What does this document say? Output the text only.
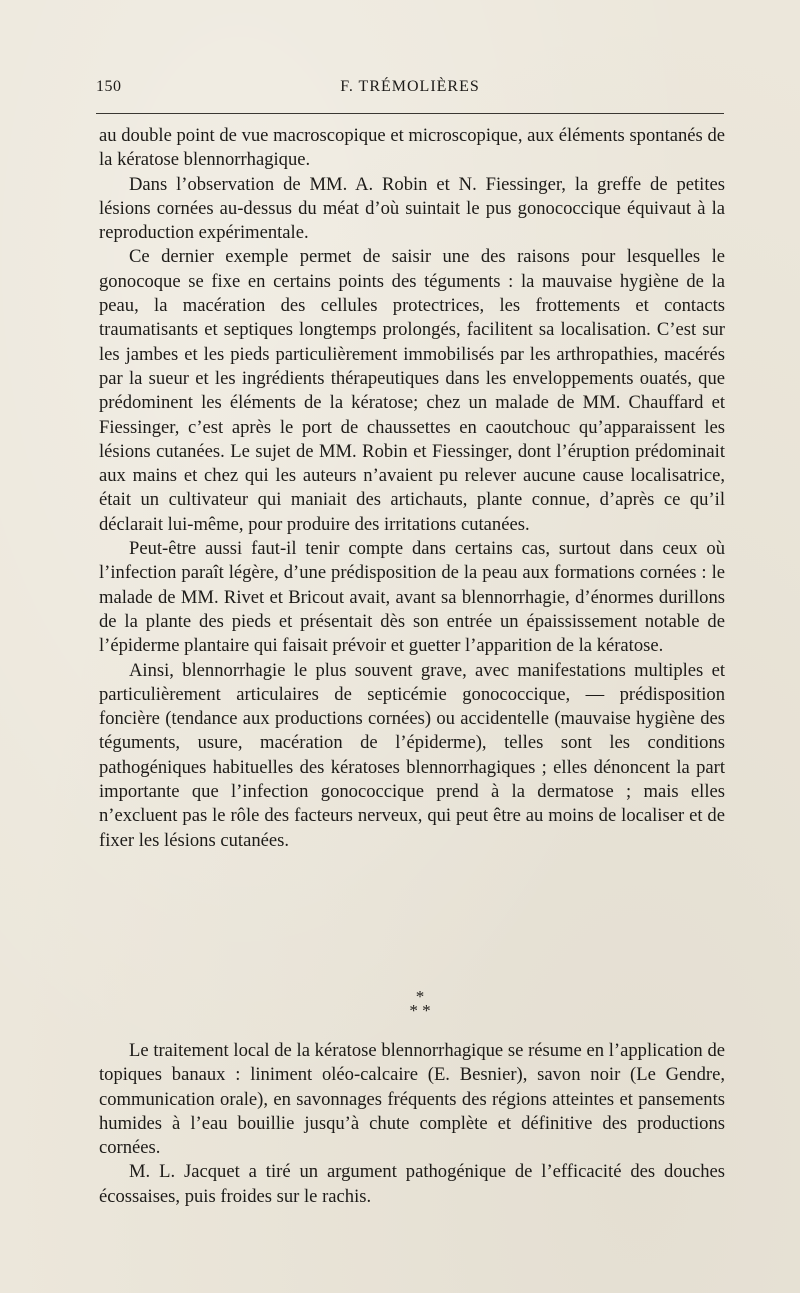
150	F. TRÉMOLIÈRES

au double point de vue macroscopique et microscopique, aux éléments spontanés de la kératose blennorrhagique.

Dans l’observation de MM. A. Robin et N. Fiessinger, la greffe de petites lésions cornées au-dessus du méat d’où suintait le pus gonococcique équivaut à la reproduction expérimentale.

Ce dernier exemple permet de saisir une des raisons pour lesquelles le gonocoque se fixe en certains points des téguments : la mauvaise hygiène de la peau, la macération des cellules protectrices, les frottements et contacts traumatisants et septiques longtemps prolongés, facilitent sa localisation. C’est sur les jambes et les pieds particulièrement immobilisés par les arthropathies, macérés par la sueur et les ingrédients thérapeutiques dans les enveloppements ouatés, que prédominent les éléments de la kératose; chez un malade de MM. Chauffard et Fiessinger, c’est après le port de chaussettes en caoutchouc qu’apparaissent les lésions cutanées. Le sujet de MM. Robin et Fiessinger, dont l’éruption prédominait aux mains et chez qui les auteurs n’avaient pu relever aucune cause localisatrice, était un cultivateur qui maniait des artichauts, plante connue, d’après ce qu’il déclarait lui-même, pour produire des irritations cutanées.

Peut-être aussi faut-il tenir compte dans certains cas, surtout dans ceux où l’infection paraît légère, d’une prédisposition de la peau aux formations cornées : le malade de MM. Rivet et Bricout avait, avant sa blennorrhagie, d’énormes durillons de la plante des pieds et présentait dès son entrée un épaississement notable de l’épiderme plantaire qui faisait prévoir et guetter l’apparition de la kératose.

Ainsi, blennorrhagie le plus souvent grave, avec manifestations multiples et particulièrement articulaires de septicémie gonococcique, — prédisposition foncière (tendance aux productions cornées) ou accidentelle (mauvaise hygiène des téguments, usure, macération de l’épiderme), telles sont les conditions pathogéniques habituelles des kératoses blennorrhagiques ; elles dénoncent la part importante que l’infection gonococcique prend à la dermatose ; mais elles n’excluent pas le rôle des facteurs nerveux, qui peut être au moins de localiser et de fixer les lésions cutanées.

*
* *

Le traitement local de la kératose blennorrhagique se résume en l’application de topiques banaux : liniment oléo-calcaire (E. Besnier), savon noir (Le Gendre, communication orale), en savonnages fréquents des régions atteintes et pansements humides à l’eau bouillie jusqu’à chute complète et définitive des productions cornées.

M. L. Jacquet a tiré un argument pathogénique de l’efficacité des douches écossaises, puis froides sur le rachis.
